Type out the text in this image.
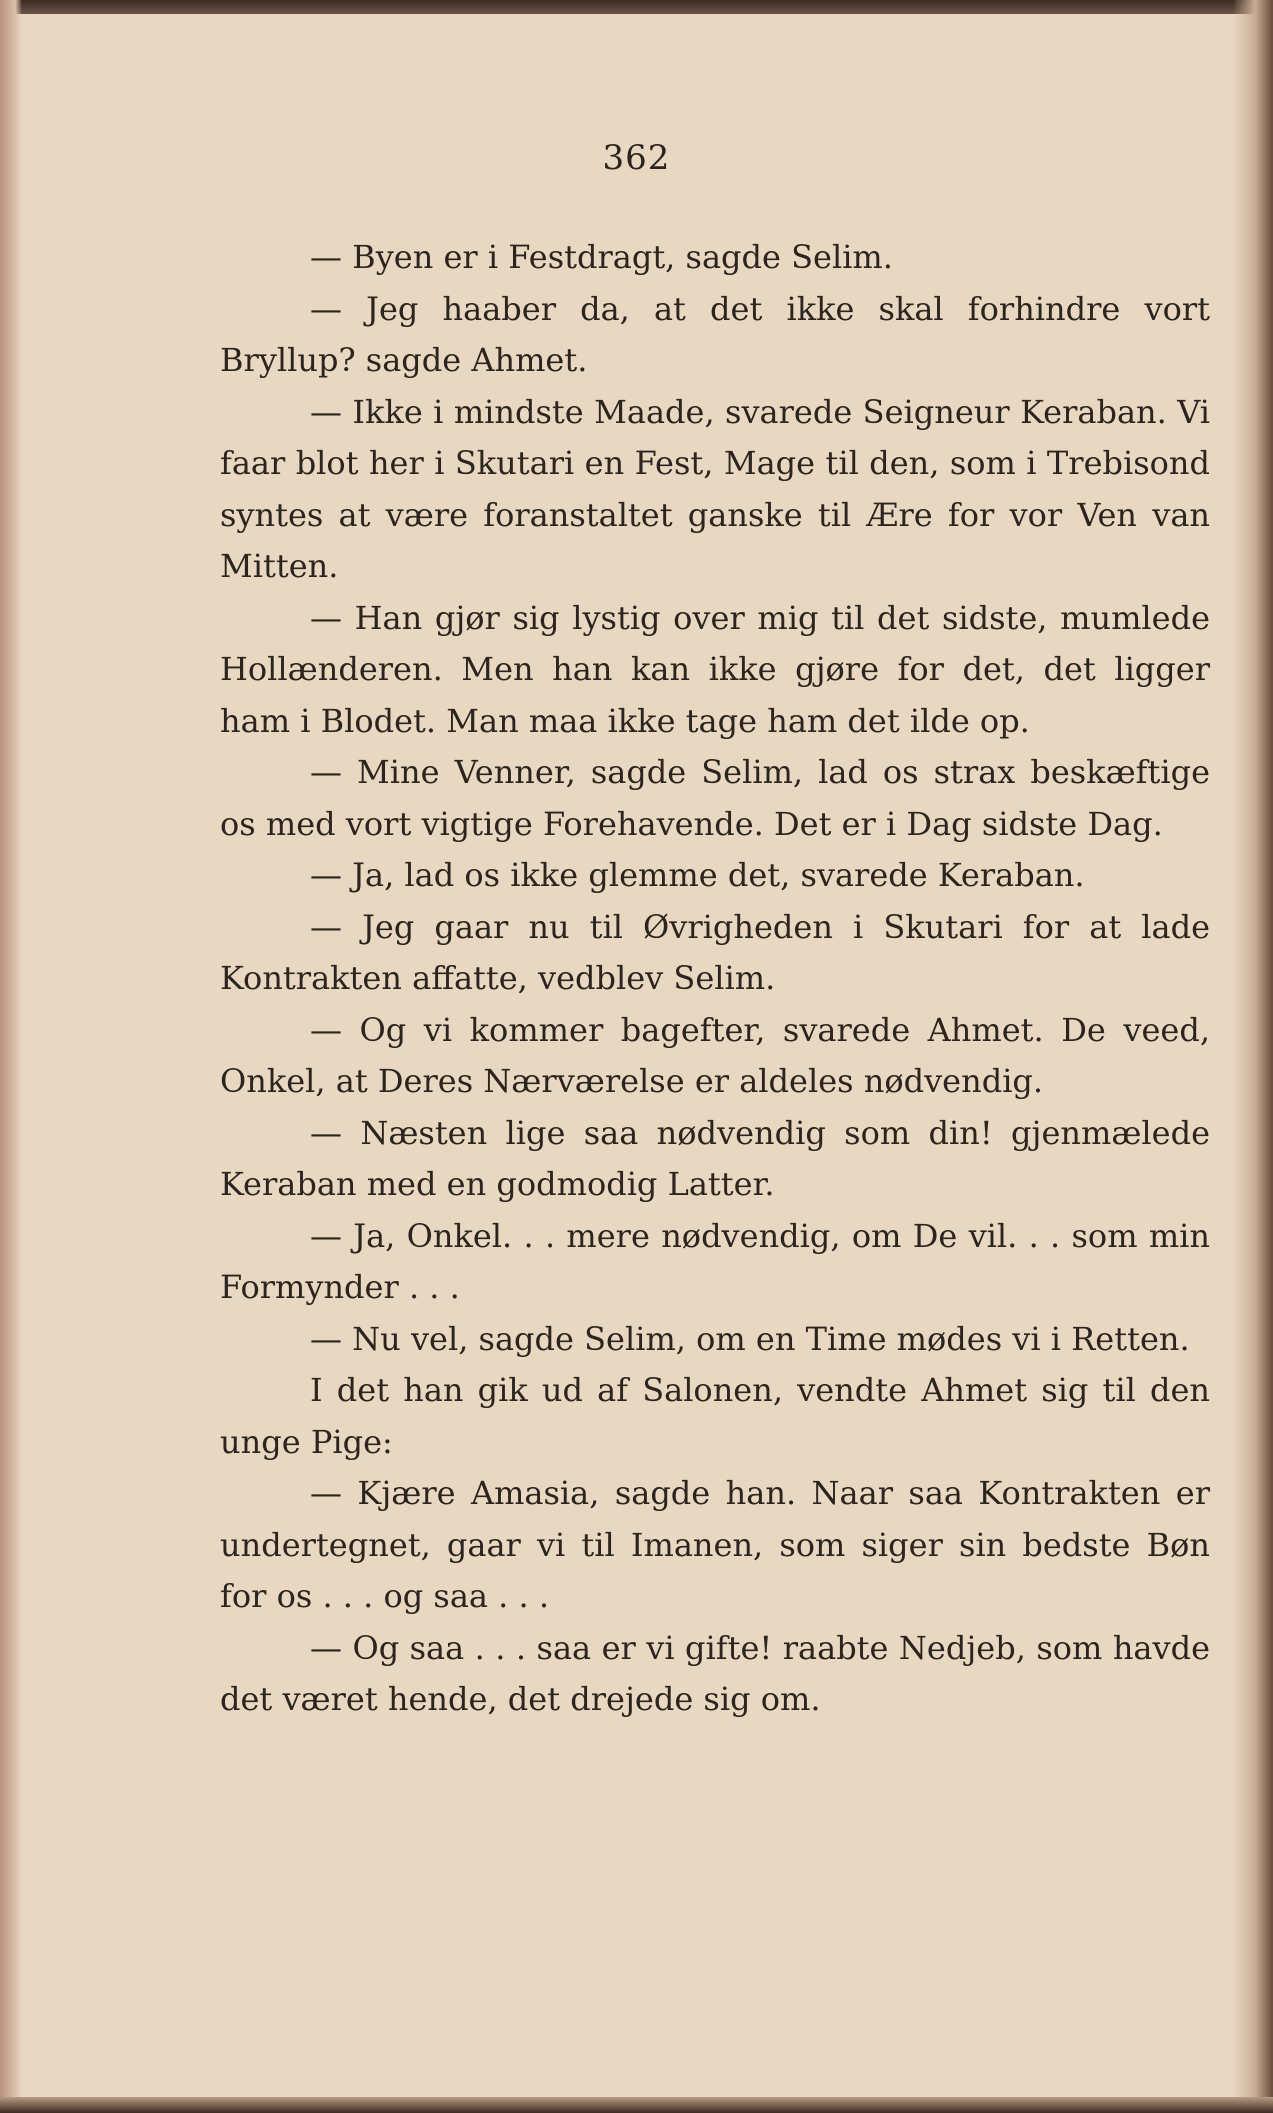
362

— Byen er i Festdragt, sagde Selim.

— Jeg haaber da, at det ikke skal forhindre vort Bryllup? sagde Ahmet.

— Ikke i mindste Maade, svarede Seigneur Keraban. Vi faar blot her i Skutari en Fest, Mage til den, som i Trebisond syntes at være foranstaltet ganske til Ære for vor Ven van Mitten.

— Han gjør sig lystig over mig til det sidste, mumlede Hollænderen. Men han kan ikke gjøre for det, det ligger ham i Blodet. Man maa ikke tage ham det ilde op.

— Mine Venner, sagde Selim, lad os strax beskæftige os med vort vigtige Forehavende. Det er i Dag sidste Dag.

— Ja, lad os ikke glemme det, svarede Keraban.

— Jeg gaar nu til Øvrigheden i Skutari for at lade Kontrakten affatte, vedblev Selim.

— Og vi kommer bagefter, svarede Ahmet. De veed, Onkel, at Deres Nærværelse er aldeles nødvendig.

— Næsten lige saa nødvendig som din! gjenmælede Keraban med en godmodig Latter.

— Ja, Onkel. . . mere nødvendig, om De vil. . . som min Formynder . . .

— Nu vel, sagde Selim, om en Time mødes vi i Retten.

I det han gik ud af Salonen, vendte Ahmet sig til den unge Pige:

— Kjære Amasia, sagde han. Naar saa Kontrakten er undertegnet, gaar vi til Imanen, som siger sin bedste Bøn for os . . . og saa . . .

— Og saa . . . saa er vi gifte! raabte Nedjeb, som havde det været hende, det drejede sig om.
